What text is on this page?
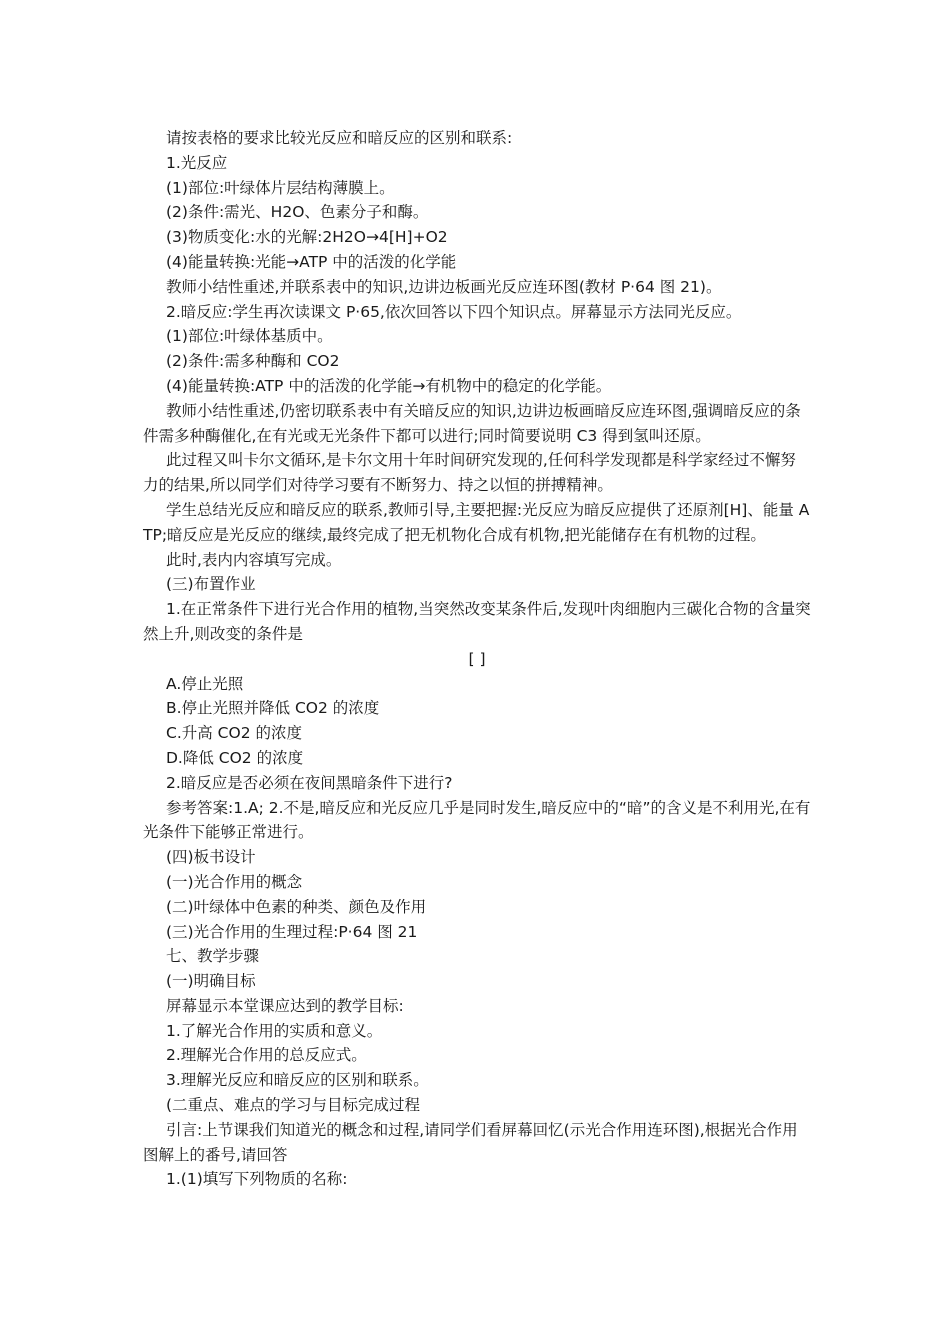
请按表格的要求比较光反应和暗反应的区别和联系:

1.光反应

(1)部位:叶绿体片层结构薄膜上。

(2)条件:需光、H2O、色素分子和酶。

(3)物质变化:水的光解:2H2O→4[H]+O2

(4)能量转换:光能→ATP 中的活泼的化学能

教师小结性重述,并联系表中的知识,边讲边板画光反应连环图(教材 P·64 图 21)。

2.暗反应:学生再次读课文 P·65,依次回答以下四个知识点。屏幕显示方法同光反应。

(1)部位:叶绿体基质中。

(2)条件:需多种酶和 CO2

(4)能量转换:ATP 中的活泼的化学能→有机物中的稳定的化学能。

教师小结性重述,仍密切联系表中有关暗反应的知识,边讲边板画暗反应连环图,强调暗反应的条件需多种酶催化,在有光或无光条件下都可以进行;同时简要说明 C3 得到氢叫还原。

此过程又叫卡尔文循环,是卡尔文用十年时间研究发现的,任何科学发现都是科学家经过不懈努力的结果,所以同学们对待学习要有不断努力、持之以恒的拼搏精神。

学生总结光反应和暗反应的联系,教师引导,主要把握:光反应为暗反应提供了还原剂[H]、能量 ATP;暗反应是光反应的继续,最终完成了把无机物化合成有机物,把光能储存在有机物的过程。

此时,表内内容填写完成。

(三)布置作业

1.在正常条件下进行光合作用的植物,当突然改变某条件后,发现叶肉细胞内三碳化合物的含量突然上升,则改变的条件是

[ ]

A.停止光照

B.停止光照并降低 CO2 的浓度

C.升高 CO2 的浓度

D.降低 CO2 的浓度

2.暗反应是否必须在夜间黑暗条件下进行?

参考答案:1.A; 2.不是,暗反应和光反应几乎是同时发生,暗反应中的“暗”的含义是不利用光,在有光条件下能够正常进行。

(四)板书设计

(一)光合作用的概念

(二)叶绿体中色素的种类、颜色及作用

(三)光合作用的生理过程:P·64 图 21

七、教学步骤

(一)明确目标

屏幕显示本堂课应达到的教学目标:

1.了解光合作用的实质和意义。

2.理解光合作用的总反应式。

3.理解光反应和暗反应的区别和联系。

(二重点、难点的学习与目标完成过程

引言:上节课我们知道光的概念和过程,请同学们看屏幕回忆(示光合作用连环图),根据光合作用图解上的番号,请回答

1.(1)填写下列物质的名称:
